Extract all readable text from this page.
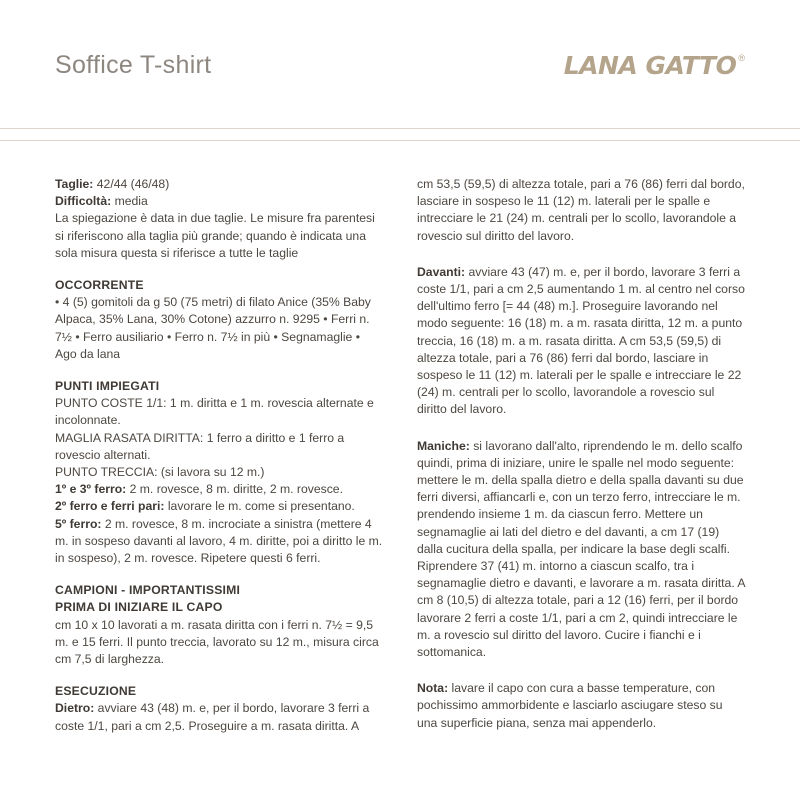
Soffice T-shirt	LANA GATTO ®

Taglie: 42/44 (46/48)

Difficoltà: media

La spiegazione è data in due taglie. Le misure fra parentesi si riferiscono alla taglia più grande; quando è indicata una sola misura questa si riferisce a tutte le taglie

OCCORRENTE

• 4 (5) gomitoli da g 50 (75 metri) di filato Anice (35% Baby Alpaca, 35% Lana, 30% Cotone) azzurro n. 9295 • Ferri n. 7½ • Ferro ausiliario • Ferro n. 7½ in più • Segnamaglie • Ago da lana

PUNTI IMPIEGATI

PUNTO COSTE 1/1: 1 m. diritta e 1 m. rovescia alternate e incolonnate.

MAGLIA RASATA DIRITTA: 1 ferro a diritto e 1 ferro a rovescio alternati.

PUNTO TRECCIA: (si lavora su 12 m.)

1º e 3º ferro: 2 m. rovesce, 8 m. diritte, 2 m. rovesce.

2º ferro e ferri pari: lavorare le m. come si presentano.

5º ferro: 2 m. rovesce, 8 m. incrociate a sinistra (mettere 4 m. in sospeso davanti al lavoro, 4 m. diritte, poi a diritto le m. in sospeso), 2 m. rovesce. Ripetere questi 6 ferri.

CAMPIONI - IMPORTANTISSIMI
PRIMA DI INIZIARE IL CAPO

cm 10 x 10 lavorati a m. rasata diritta con i ferri n. 7½ = 9,5 m. e 15 ferri. Il punto treccia, lavorato su 12 m., misura circa cm 7,5 di larghezza.

ESECUZIONE

Dietro: avviare 43 (48) m. e, per il bordo, lavorare 3 ferri a coste 1/1, pari a cm 2,5. Proseguire a m. rasata diritta. A

cm 53,5 (59,5) di altezza totale, pari a 76 (86) ferri dal bordo, lasciare in sospeso le 11 (12) m. laterali per le spalle e intrecciare le 21 (24) m. centrali per lo scollo, lavorandole a rovescio sul diritto del lavoro.

Davanti: avviare 43 (47) m. e, per il bordo, lavorare 3 ferri a coste 1/1, pari a cm 2,5 aumentando 1 m. al centro nel corso dell'ultimo ferro [= 44 (48) m.]. Proseguire lavorando nel modo seguente: 16 (18) m. a m. rasata diritta, 12 m. a punto treccia, 16 (18) m. a m. rasata diritta. A cm 53,5 (59,5) di altezza totale, pari a 76 (86) ferri dal bordo, lasciare in sospeso le 11 (12) m. laterali per le spalle e intrecciare le 22 (24) m. centrali per lo scollo, lavorandole a rovescio sul diritto del lavoro.

Maniche: si lavorano dall'alto, riprendendo le m. dello scalfo quindi, prima di iniziare, unire le spalle nel modo seguente: mettere le m. della spalla dietro e della spalla davanti su due ferri diversi, affiancarli e, con un terzo ferro, intrecciare le m. prendendo insieme 1 m. da ciascun ferro. Mettere un segnamaglie ai lati del dietro e del davanti, a cm 17 (19) dalla cucitura della spalla, per indicare la base degli scalfi. Riprendere 37 (41) m. intorno a ciascun scalfo, tra i segnamaglie dietro e davanti, e lavorare a m. rasata diritta. A cm 8 (10,5) di altezza totale, pari a 12 (16) ferri, per il bordo lavorare 2 ferri a coste 1/1, pari a cm 2, quindi intrecciare le m. a rovescio sul diritto del lavoro. Cucire i fianchi e i sottomanica.

Nota: lavare il capo con cura a basse temperature, con pochissimo ammorbidente e lasciarlo asciugare steso su una superficie piana, senza mai appenderlo.
